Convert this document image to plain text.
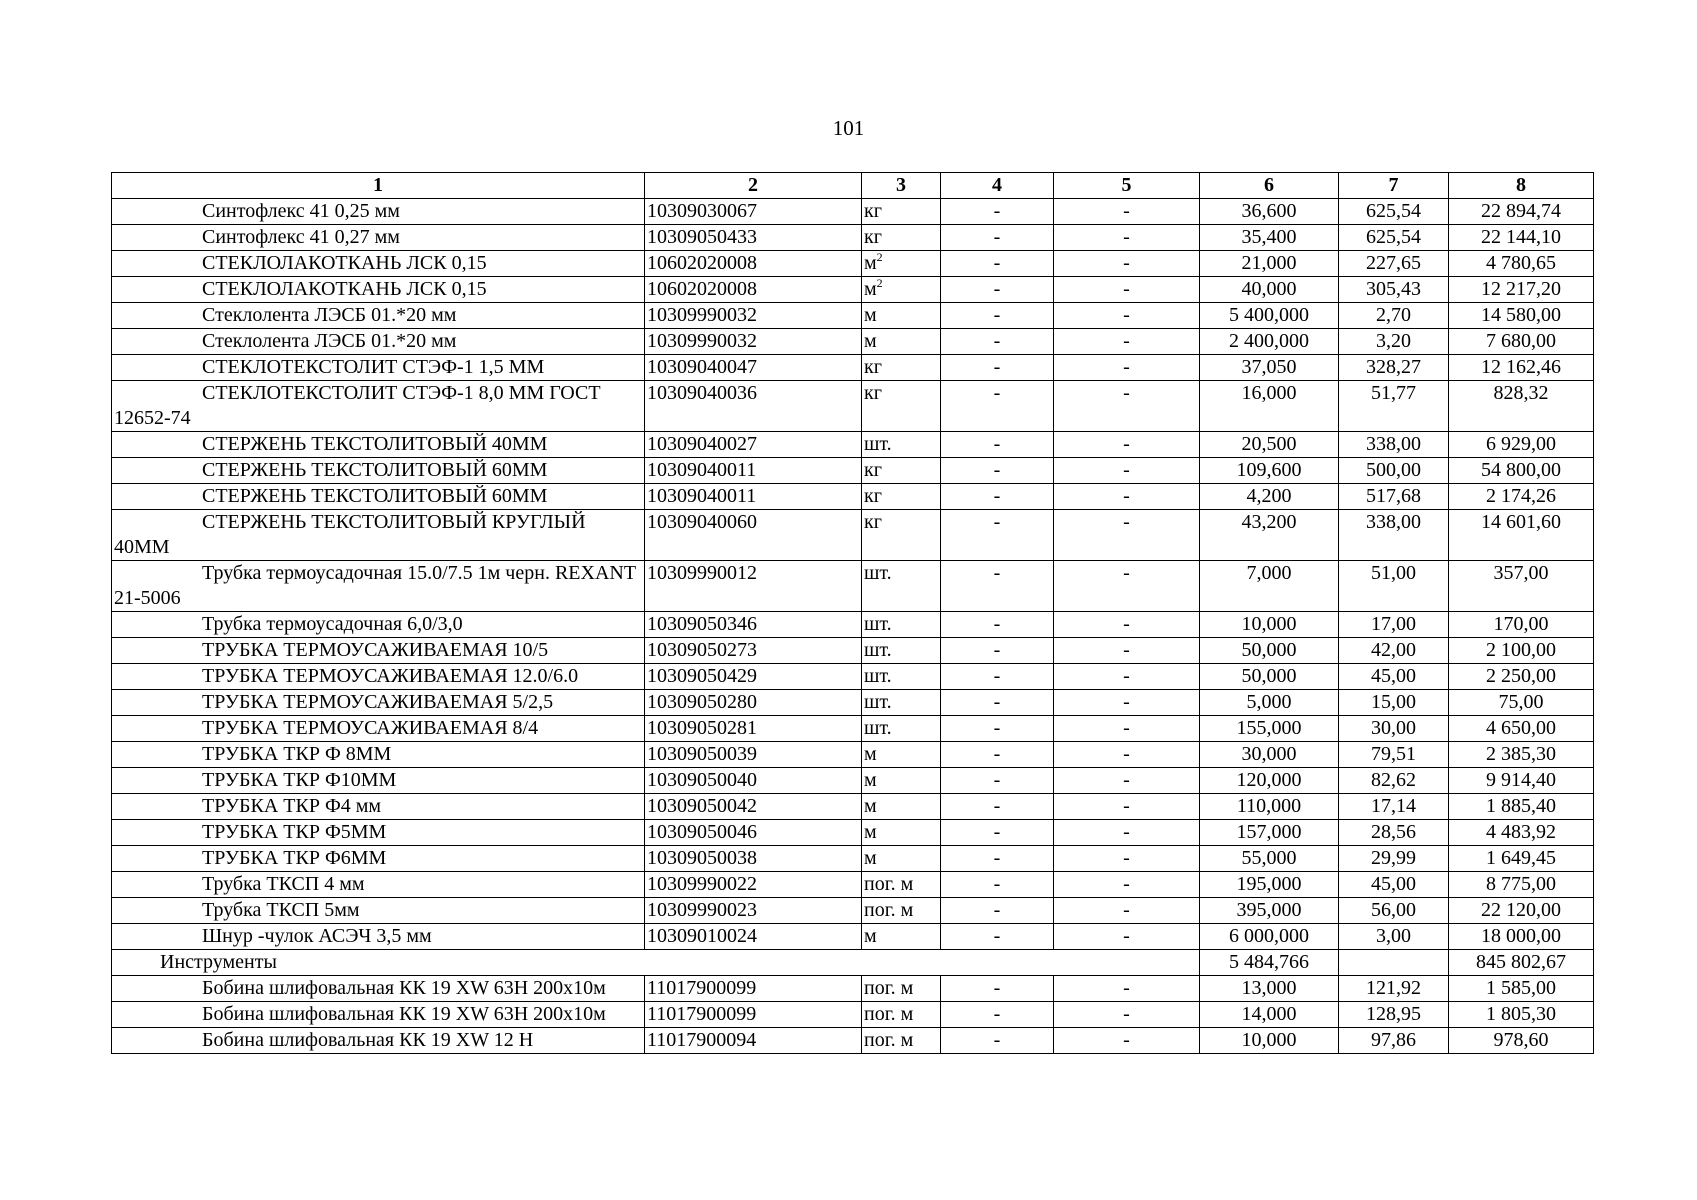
101
1	2	3	4	5	6	7	8

Синтофлекс 41 0,25 мм	10309030067	кг	-	-	36,600	625,54	22 894,74

Синтофлекс 41 0,27 мм	10309050433	кг	-	-	35,400	625,54	22 144,10

СТЕКЛОЛАКОТКАНЬ ЛСК 0,15	10602020008	$м^2$	-	-	21,000	227,65	4 780,65

СТЕКЛОЛАКОТКАНЬ ЛСК 0,15	10602020008	$м^2$	-	-	40,000	305,43	12 217,20

Стеклолента ЛЭСБ 01.*20 мм	10309990032	м	-	-	5 400,000	2,70	14 580,00

Стеклолента ЛЭСБ 01.*20 мм	10309990032	м	-	-	2 400,000	3,20	7 680,00

СТЕКЛОТЕКСТОЛИТ СТЭФ-1 1,5 ММ	10309040047	кг	-	-	37,050	328,27	12 162,46

СТЕКЛОТЕКСТОЛИТ СТЭФ-1 8,0 ММ ГОСТ 12652-74	10309040036	кг	-	-	16,000	51,77	828,32

СТЕРЖЕНЬ ТЕКСТОЛИТОВЫЙ 40ММ	10309040027	шт.	-	-	20,500	338,00	6 929,00

СТЕРЖЕНЬ ТЕКСТОЛИТОВЫЙ 60ММ	10309040011	кг	-	-	109,600	500,00	54 800,00

СТЕРЖЕНЬ ТЕКСТОЛИТОВЫЙ 60ММ	10309040011	кг	-	-	4,200	517,68	2 174,26

СТЕРЖЕНЬ ТЕКСТОЛИТОВЫЙ КРУГЛЫЙ 40ММ	10309040060	кг	-	-	43,200	338,00	14 601,60

Трубка термоусадочная 15.0/7.5 1м черн. REXANT 21-5006	10309990012	шт.	-	-	7,000	51,00	357,00

Трубка термоусадочная 6,0/3,0	10309050346	шт.	-	-	10,000	17,00	170,00

ТРУБКА ТЕРМОУСАЖИВАЕМАЯ 10/5	10309050273	шт.	-	-	50,000	42,00	2 100,00

ТРУБКА ТЕРМОУСАЖИВАЕМАЯ 12.0/6.0	10309050429	шт.	-	-	50,000	45,00	2 250,00

ТРУБКА ТЕРМОУСАЖИВАЕМАЯ 5/2,5	10309050280	шт.	-	-	5,000	15,00	75,00

ТРУБКА ТЕРМОУСАЖИВАЕМАЯ 8/4	10309050281	шт.	-	-	155,000	30,00	4 650,00

ТРУБКА ТКР Ф 8ММ	10309050039	м	-	-	30,000	79,51	2 385,30

ТРУБКА ТКР Ф10ММ	10309050040	м	-	-	120,000	82,62	9 914,40

ТРУБКА ТКР Ф4 мм	10309050042	м	-	-	110,000	17,14	1 885,40

ТРУБКА ТКР Ф5ММ	10309050046	м	-	-	157,000	28,56	4 483,92

ТРУБКА ТКР Ф6ММ	10309050038	м	-	-	55,000	29,99	1 649,45

Трубка ТКСП 4 мм	10309990022	пог. м	-	-	195,000	45,00	8 775,00

Трубка ТКСП 5мм	10309990023	пог. м	-	-	395,000	56,00	22 120,00

Шнур -чулок АСЭЧ 3,5 мм	10309010024	м	-	-	6 000,000	3,00	18 000,00
Инструменты					5 484,766		845 802,67

Бобина шлифовальная КК 19 XW 63H 200х10м	11017900099	пог. м	-	-	13,000	121,92	1 585,00

Бобина шлифовальная КК 19 XW 63H 200х10м	11017900099	пог. м	-	-	14,000	128,95	1 805,30

Бобина шлифовальная КК 19 XW 12 H	11017900094	пог. м	-	-	10,000	97,86	978,60
